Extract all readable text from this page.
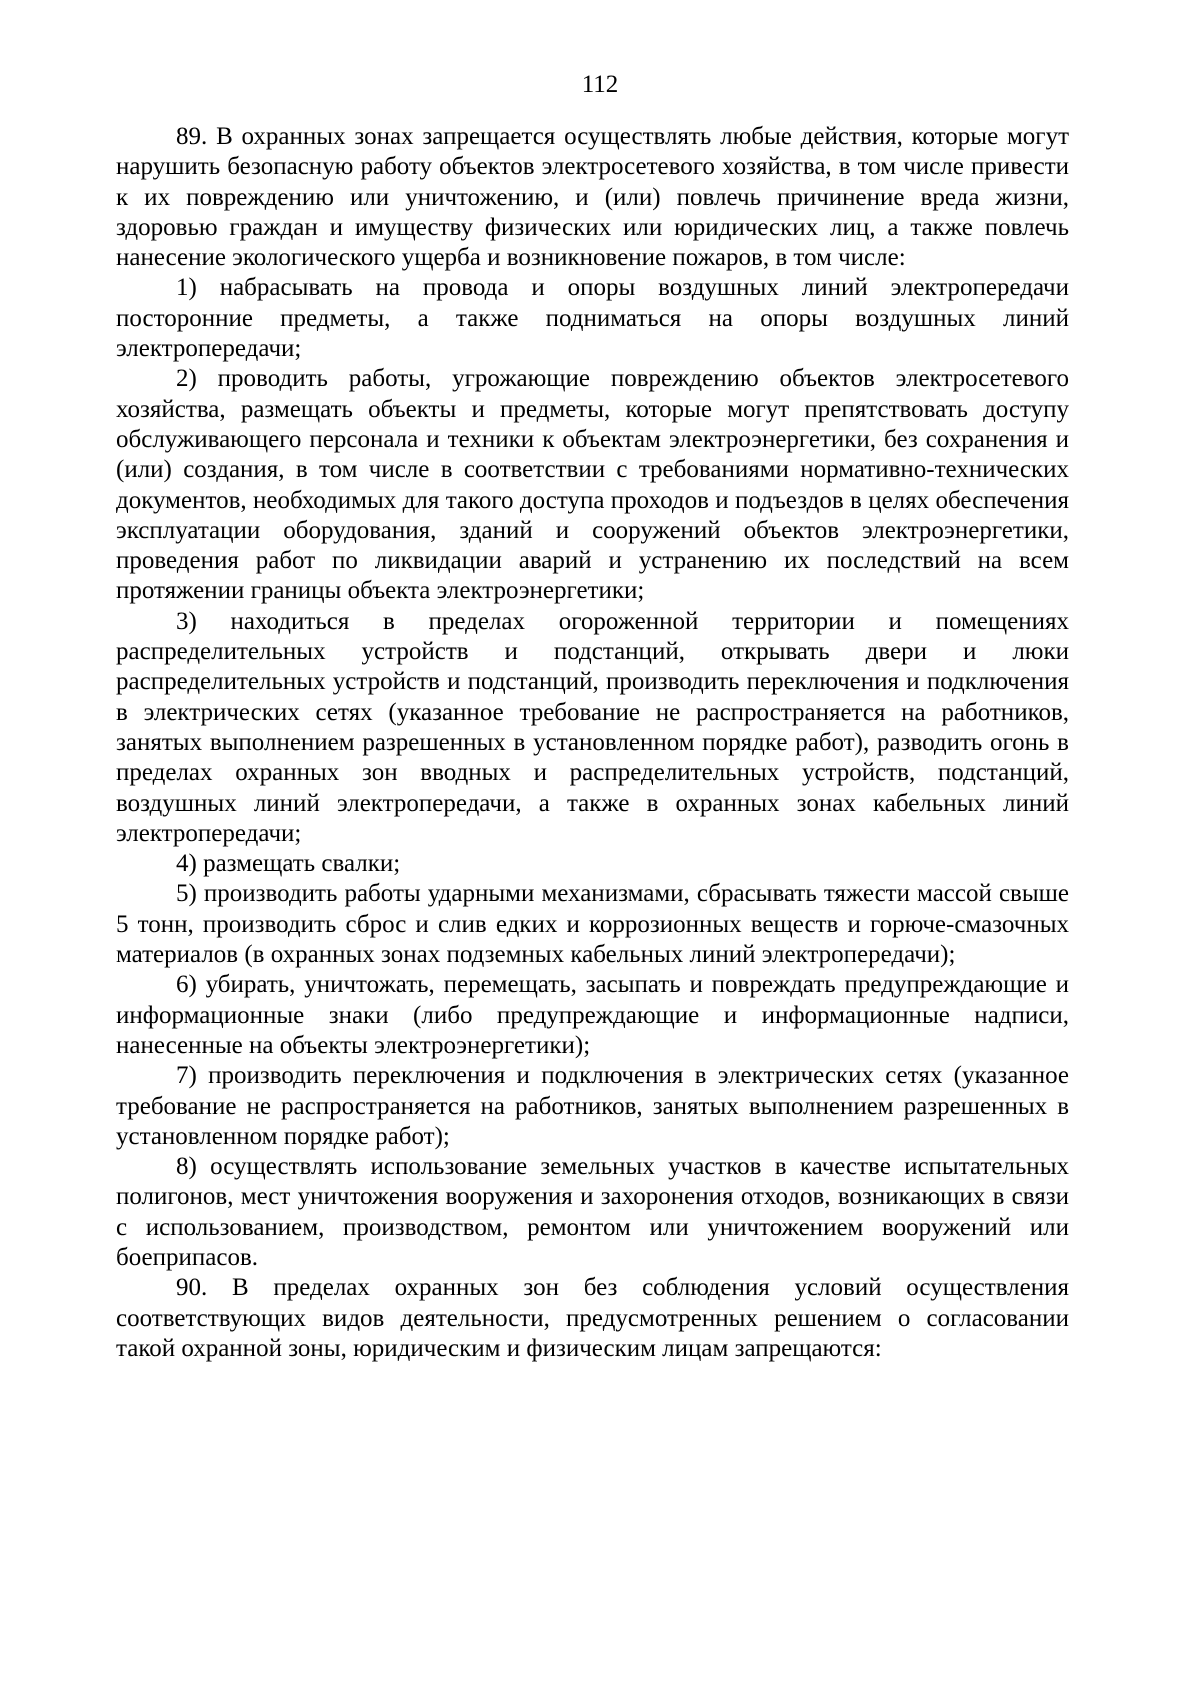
112

89. В охранных зонах запрещается осуществлять любые действия, которые могут нарушить безопасную работу объектов электросетевого хозяйства, в том числе привести к их повреждению или уничтожению, и (или) повлечь причинение вреда жизни, здоровью граждан и имуществу физических или юридических лиц, а также повлечь нанесение экологического ущерба и возникновение пожаров, в том числе:

1) набрасывать на провода и опоры воздушных линий электропередачи посторонние предметы, а также подниматься на опоры воздушных линий электропередачи;

2) проводить работы, угрожающие повреждению объектов электросетевого хозяйства, размещать объекты и предметы, которые могут препятствовать доступу обслуживающего персонала и техники к объектам электроэнергетики, без сохранения и (или) создания, в том числе в соответствии с требованиями нормативно-технических документов, необходимых для такого доступа проходов и подъездов в целях обеспечения эксплуатации оборудования, зданий и сооружений объектов электроэнергетики, проведения работ по ликвидации аварий и устранению их последствий на всем протяжении границы объекта электроэнергетики;

3) находиться в пределах огороженной территории и помещениях распределительных устройств и подстанций, открывать двери и люки распределительных устройств и подстанций, производить переключения и подключения в электрических сетях (указанное требование не распространяется на работников, занятых выполнением разрешенных в установленном порядке работ), разводить огонь в пределах охранных зон вводных и распределительных устройств, подстанций, воздушных линий электропередачи, а также в охранных зонах кабельных линий электропередачи;

4) размещать свалки;

5) производить работы ударными механизмами, сбрасывать тяжести массой свыше 5 тонн, производить сброс и слив едких и коррозионных веществ и горюче-смазочных материалов (в охранных зонах подземных кабельных линий электропередачи);

6) убирать, уничтожать, перемещать, засыпать и повреждать предупреждающие и информационные знаки (либо предупреждающие и информационные надписи, нанесенные на объекты электроэнергетики);

7) производить переключения и подключения в электрических сетях (указанное требование не распространяется на работников, занятых выполнением разрешенных в установленном порядке работ);

8) осуществлять использование земельных участков в качестве испытательных полигонов, мест уничтожения вооружения и захоронения отходов, возникающих в связи с использованием, производством, ремонтом или уничтожением вооружений или боеприпасов.

90. В пределах охранных зон без соблюдения условий осуществления соответствующих видов деятельности, предусмотренных решением о согласовании такой охранной зоны, юридическим и физическим лицам запрещаются:
